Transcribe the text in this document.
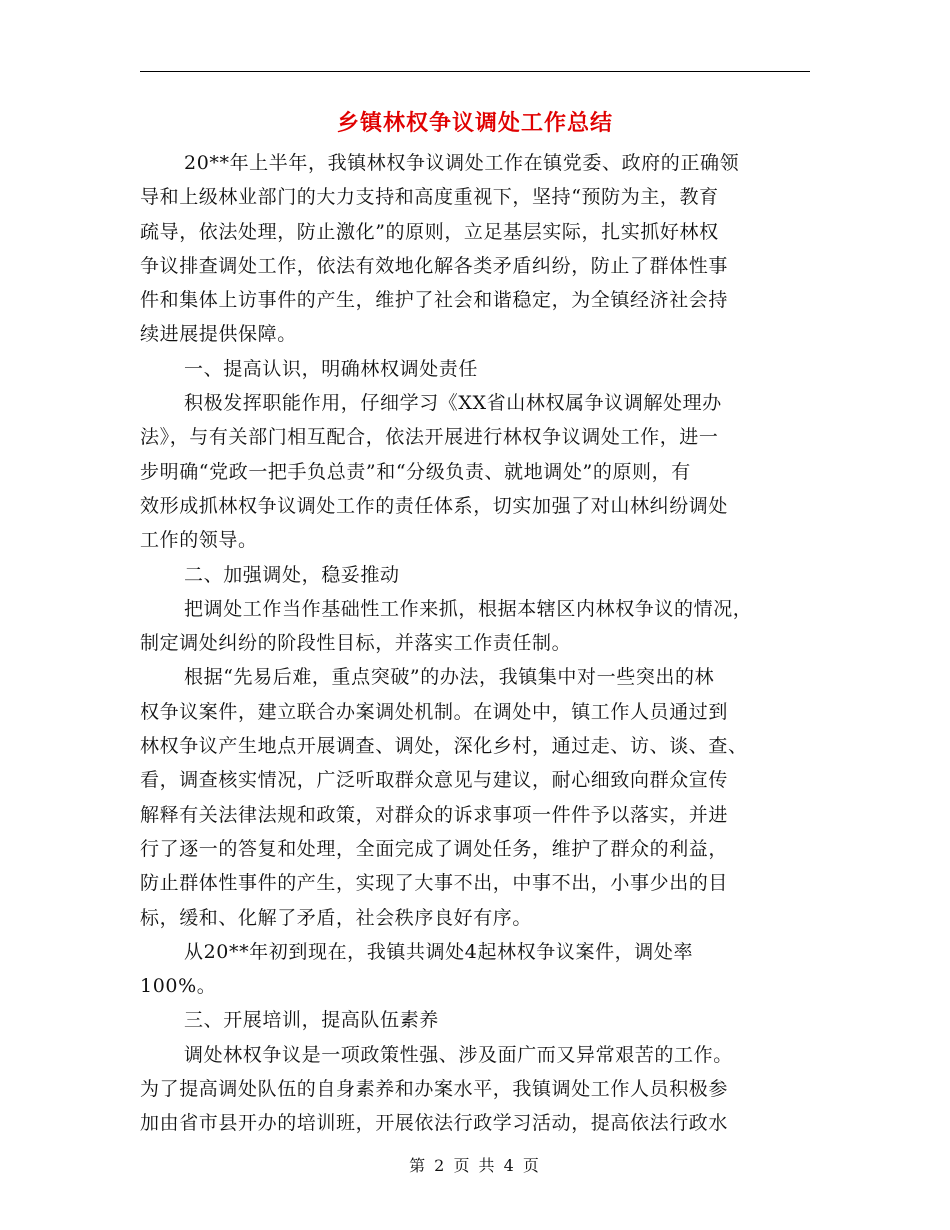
乡镇林权争议调处工作总结
20**年上半年，我镇林权争议调处工作在镇党委、政府的正确领
导和上级林业部门的大力支持和高度重视下，坚持“预防为主，教育
疏导，依法处理，防止激化”的原则，立足基层实际，扎实抓好林权
争议排查调处工作，依法有效地化解各类矛盾纠纷，防止了群体性事
件和集体上访事件的产生，维护了社会和谐稳定，为全镇经济社会持
续进展提供保障。
一、提高认识，明确林权调处责任
积极发挥职能作用，仔细学习《XX省山林权属争议调解处理办
法》，与有关部门相互配合，依法开展进行林权争议调处工作，进一
步明确“党政一把手负总责”和“分级负责、就地调处”的原则，有
效形成抓林权争议调处工作的责任体系，切实加强了对山林纠纷调处
工作的领导。
二、加强调处，稳妥推动
把调处工作当作基础性工作来抓，根据本辖区内林权争议的情况，
制定调处纠纷的阶段性目标，并落实工作责任制。
根据“先易后难，重点突破”的办法，我镇集中对一些突出的林
权争议案件，建立联合办案调处机制。在调处中，镇工作人员通过到
林权争议产生地点开展调查、调处，深化乡村，通过走、访、谈、查、
看，调查核实情况，广泛听取群众意见与建议，耐心细致向群众宣传
解释有关法律法规和政策，对群众的诉求事项一件件予以落实，并进
行了逐一的答复和处理，全面完成了调处任务，维护了群众的利益，
防止群体性事件的产生，实现了大事不出，中事不出，小事少出的目
标，缓和、化解了矛盾，社会秩序良好有序。
从20**年初到现在，我镇共调处4起林权争议案件，调处率
100%。
三、开展培训，提高队伍素养
调处林权争议是一项政策性强、涉及面广而又异常艰苦的工作。
为了提高调处队伍的自身素养和办案水平，我镇调处工作人员积极参
加由省市县开办的培训班，开展依法行政学习活动，提高依法行政水
第 2 页 共 4 页
